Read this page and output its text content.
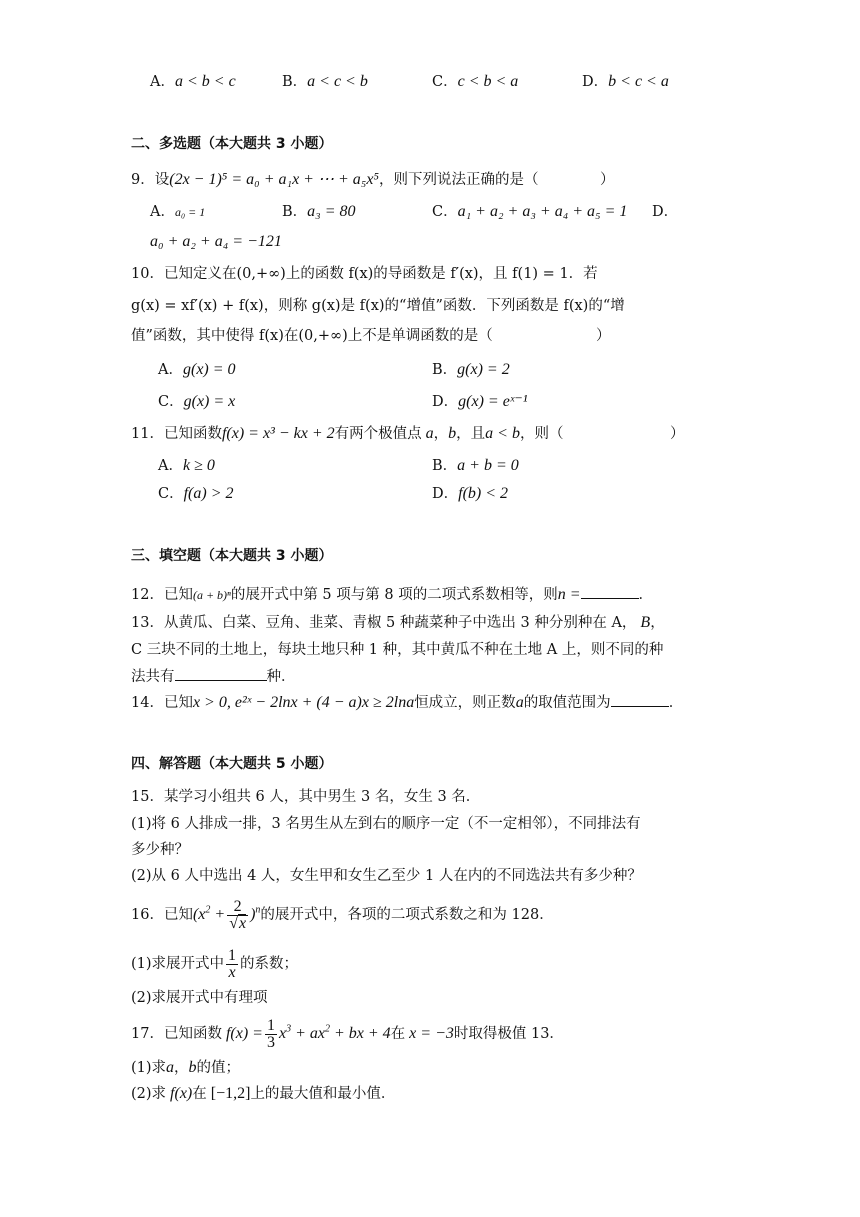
A．a < b < c	B．a < c < b	C．c < b < a	D．b < c < a
二、多选题（本大题共 3 小题）
9．设(2x − 1)⁵ = a₀ + a₁x + ⋯ + a₅x⁵，则下列说法正确的是（	）
A．a₀ = 1	B．a₃ = 80	C．a₁ + a₂ + a₃ + a₄ + a₅ = 1 D．
a₀ + a₂ + a₄ = −121
10．已知定义在(0,+∞)上的函数 f(x)的导函数是 f′(x)，且 f(1) = 1．若
g(x) = xf′(x) + f(x)，则称 g(x)是 f(x)的“增值”函数．下列函数是 f(x)的“增
值”函数，其中使得 f(x)在(0,+∞)上不是单调函数的是（	）
A．g(x) = 0	B．g(x) = 2
C．g(x) = x	D．g(x) = eˣ⁻¹
11．已知函数f(x) = x³ − kx + 2有两个极值点 a，b，且a < b，则（	）
A．k ≥ 0	B．a + b = 0
C．f(a) > 2	D．f(b) < 2
三、填空题（本大题共 3 小题）
12．已知(a + b)ⁿ的展开式中第 5 项与第 8 项的二项式系数相等，则n =	．
13．从黄瓜、白菜、豆角、韭菜、青椒 5 种蔬菜种子中选出 3 种分别种在 A， B，
C 三块不同的土地上，每块土地只种 1 种，其中黄瓜不种在土地 A 上，则不同的种
法共有	种．
14．已知x > 0, e²ˣ − 2lnx + (4 − a)x ≥ 2lna恒成立，则正数a的取值范围为	．
四、解答题（本大题共 5 小题）
15．某学习小组共 6 人，其中男生 3 名，女生 3 名．
(1)将 6 人排成一排，3 名男生从左到右的顺序一定（不一定相邻），不同排法有
多少种？
(2)从 6 人中选出 4 人，女生甲和女生乙至少 1 人在内的不同选法共有多少种？
16．已知$(x^2 + \frac{2}{√x} )^n$的展开式中，各项的二项式系数之和为 128．
(1)求展开式中 $\frac{1}{x}$ 的系数；
(2)求展开式中有理项
17．已知函数 $f(x) = \frac{1}{3} x^3 + ax^2$ + bx + 4在 x = −3时取得极值 13．
(1)求a，b的值；
(2)求 f(x)在 [−1,2]上的最大值和最小值．
